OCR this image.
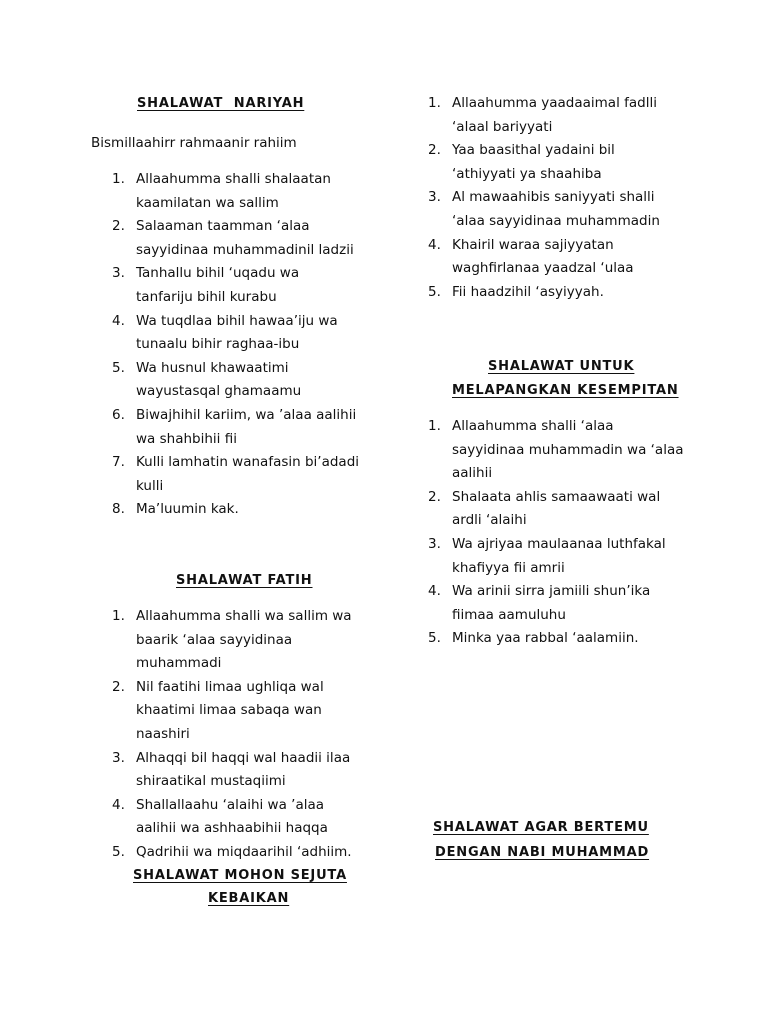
SHALAWAT  NARIYAH
Bismillaahirr rahmaanir rahiim
1. Allaahumma shalli shalaatan
kaamilatan wa sallim
2. Salaaman taamman ‘alaa
sayyidinaa muhammadinil ladzii
3. Tanhallu bihil ‘uqadu wa
tanfariju bihil kurabu
4. Wa tuqdlaa bihil hawaa’iju wa
tunaalu bihir raghaa-ibu
5. Wa husnul khawaatimi
wayustasqal ghamaamu
6. Biwajhihil kariim, wa ’alaa aalihii
wa shahbihii fii
7. Kulli lamhatin wanafasin bi’adadi
kulli
8. Ma’luumin kak.
SHALAWAT FATIH
1. Allaahumma shalli wa sallim wa
baarik ‘alaa sayyidinaa
muhammadi
2. Nil faatihi limaa ughliqa wal
khaatimi limaa sabaqa wan
naashiri
3. Alhaqqi bil haqqi wal haadii ilaa
shiraatikal mustaqiimi
4. Shallallaahu ‘alaihi wa ’alaa
aalihii wa ashhaabihii haqqa
5. Qadrihii wa miqdaarihil ‘adhiim.
SHALAWAT MOHON SEJUTA
KEBAIKAN
1. Allaahumma yaadaaimal fadlli
‘alaal bariyyati
2. Yaa baasithal yadaini bil
‘athiyyati ya shaahiba
3. Al mawaahibis saniyyati shalli
‘alaa sayyidinaa muhammadin
4. Khairil waraa sajiyyatan
waghfirlanaa yaadzal ‘ulaa
5. Fii haadzihil ‘asyiyyah.
SHALAWAT UNTUK
MELAPANGKAN KESEMPITAN
1. Allaahumma shalli ‘alaa
sayyidinaa muhammadin wa ‘alaa
aalihii
2. Shalaata ahlis samaawaati wal
ardli ‘alaihi
3. Wa ajriyaa maulaanaa luthfakal
khafiyya fii amrii
4. Wa arinii sirra jamiili shun’ika
fiimaa aamuluhu
5. Minka yaa rabbal ‘aalamiin.
SHALAWAT AGAR BERTEMU
DENGAN NABI MUHAMMAD
